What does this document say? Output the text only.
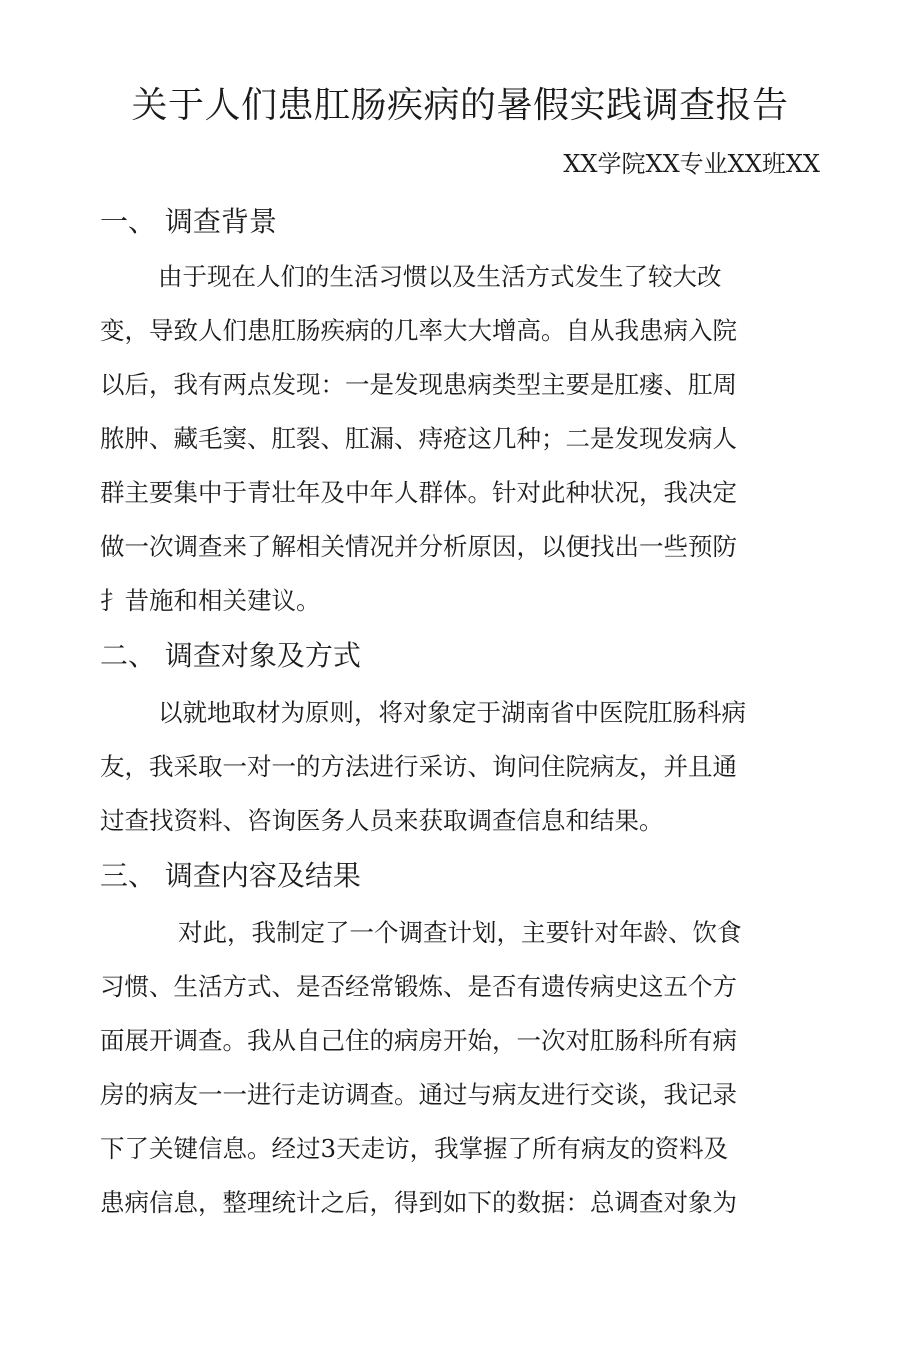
关于人们患肛肠疾病的暑假实践调查报告
XX学院XX专业XX班XX
一、 调查背景
由于现在人们的生活习惯以及生活方式发生了较大改
变，导致人们患肛肠疾病的几率大大增高。自从我患病入院
以后，我有两点发现：一是发现患病类型主要是肛瘘、肛周
脓肿、藏毛窦、肛裂、肛漏、痔疮这几种；二是发现发病人
群主要集中于青壮年及中年人群体。针对此种状况，我决定
做一次调查来了解相关情况并分析原因，以便找出一些预防
扌昔施和相关建议。
二、 调查对象及方式
以就地取材为原则，将对象定于湖南省中医院肛肠科病
友，我采取一对一的方法进行采访、询问住院病友，并且通
过查找资料、咨询医务人员来获取调查信息和结果。
三、 调查内容及结果
对此，我制定了一个调查计划，主要针对年龄、饮食
习惯、生活方式、是否经常锻炼、是否有遗传病史这五个方
面展开调查。我从自己住的病房开始，一次对肛肠科所有病
房的病友一一进行走访调查。通过与病友进行交谈，我记录
下了关键信息。经过3天走访，我掌握了所有病友的资料及
患病信息，整理统计之后，得到如下的数据：总调查对象为
